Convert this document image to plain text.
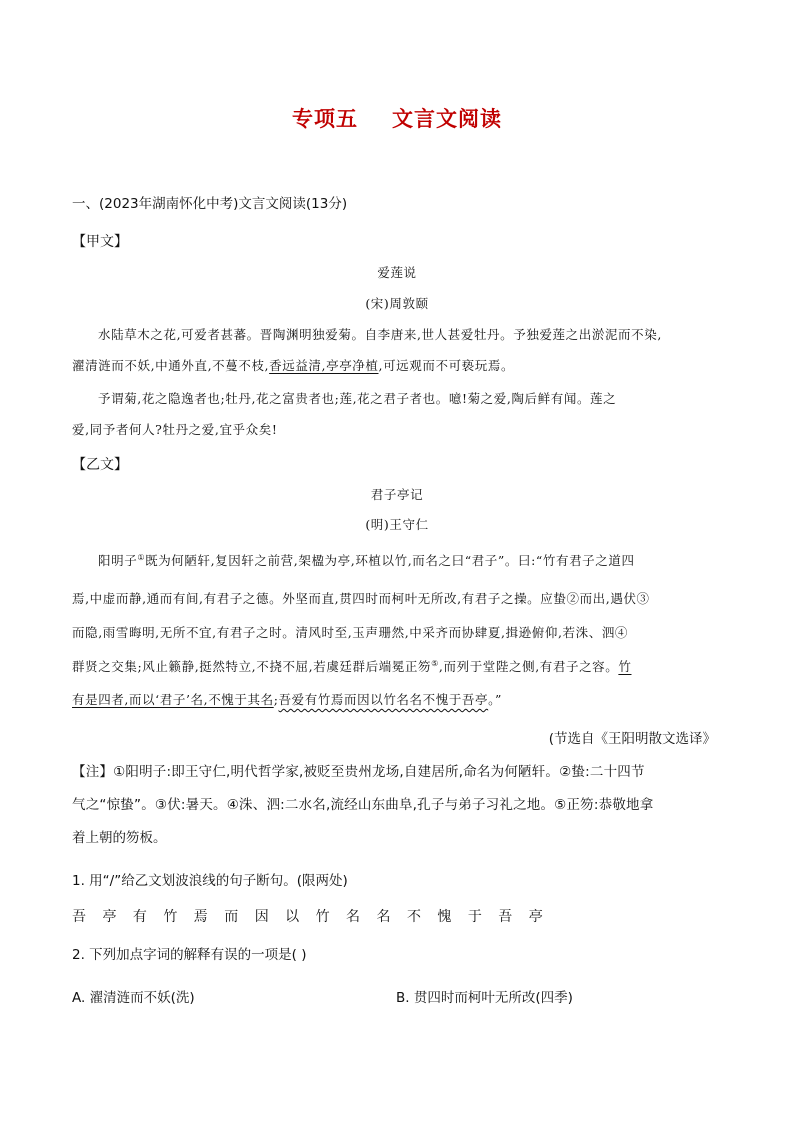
专项五 文言文阅读
一、(2023年湖南怀化中考)文言文阅读(13分)
【甲文】
爱莲说
(宋)周敦颐
水陆草木之花,可爱者甚蕃。晋陶渊明独爱菊。自李唐来,世人甚爱牡丹。予独爱莲之出淤泥而不染,
濯清涟而不妖,中通外直,不蔓不枝,香远益清,亭亭净植,可远观而不可亵玩焉。
予谓菊,花之隐逸者也;牡丹,花之富贵者也;莲,花之君子者也。噫!菊之爱,陶后鲜有闻。莲之
爱,同予者何人?牡丹之爱,宜乎众矣!
【乙文】
君子亭记
(明)王守仁
阳明子①既为何陋轩,复因轩之前营,架楹为亭,环植以竹,而名之曰“君子”。曰:“竹有君子之道四
焉,中虚而静,通而有间,有君子之德。外坚而直,贯四时而柯叶无所改,有君子之操。应蛰②而出,遇伏③
而隐,雨雪晦明,无所不宜,有君子之时。清风时至,玉声珊然,中采齐而协肆夏,揖逊俯仰,若洙、泗④
群贤之交集;风止籁静,挺然特立,不挠不屈,若虞廷群后端冕正笏⑤,而列于堂陛之侧,有君子之容。竹
有是四者,而以‘君子’名,不愧于其名;吾爱有竹焉而因以竹名名不愧于吾亭。”
(节选自《王阳明散文选译》
【注】①阳明子:即王守仁,明代哲学家,被贬至贵州龙场,自建居所,命名为何陋轩。②蛰:二十四节
气之“惊蛰”。③伏:暑天。④洙、泗:二水名,流经山东曲阜,孔子与弟子习礼之地。⑤正笏:恭敬地拿
着上朝的笏板。
1. 用“/”给乙文划波浪线的句子断句。(限两处)
吾 亭 有 竹 焉 而 因 以 竹 名 名 不 愧 于 吾 亭
2. 下列加点字词的解释有误的一项是( )
A. 濯清涟而不妖(洗)	B. 贯四时而柯叶无所改(四季)
